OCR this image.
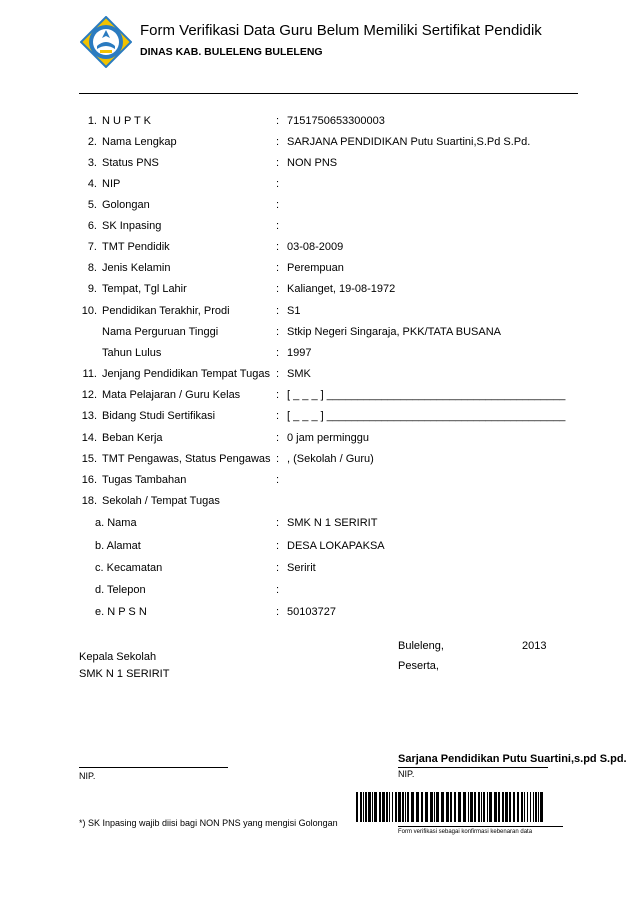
Form Verifikasi Data Guru Belum Memiliki Sertifikat Pendidik
DINAS KAB. BULELENG BULELENG
1. N U P T K	: 7151750653300003
2. Nama Lengkap	: SARJANA PENDIDIKAN Putu Suartini,S.Pd S.Pd.
3. Status PNS	: NON PNS
4. NIP	:
5. Golongan	:
6. SK Inpasing	:
7. TMT Pendidik	: 03-08-2009
8. Jenis Kelamin	: Perempuan
9. Tempat, Tgl Lahir	: Kalianget, 19-08-1972
10. Pendidikan Terakhir, Prodi	: S1
Nama Perguruan Tinggi	: Stkip Negeri Singaraja, PKK/TATA BUSANA
Tahun Lulus	: 1997
11. Jenjang Pendidikan Tempat Tugas : SMK
12. Mata Pelajaran / Guru Kelas	: [ _ _ _ ] _______________________________________
13. Bidang Studi Sertifikasi	: [ _ _ _ ] _______________________________________
14. Beban Kerja	: 0 jam perminggu
15. TMT Pengawas, Status Pengawas : , (Sekolah / Guru)
16. Tugas Tambahan	:
18. Sekolah / Tempat Tugas
a. Nama	: SMK N 1 SERIRIT
b. Alamat	: DESA LOKAPAKSA
c. Kecamatan	: Seririt
d. Telepon	:
e. N P S N	: 50103727
Buleleng,	2013
Peserta,
Kepala Sekolah
SMK N 1 SERIRIT
Sarjana Pendidikan Putu Suartini,s.pd S.pd.
NIP.	NIP.
*) SK Inpasing wajib diisi bagi NON PNS yang mengisi Golongan
Form verifikasi sebagai konfirmasi kebenaran data
